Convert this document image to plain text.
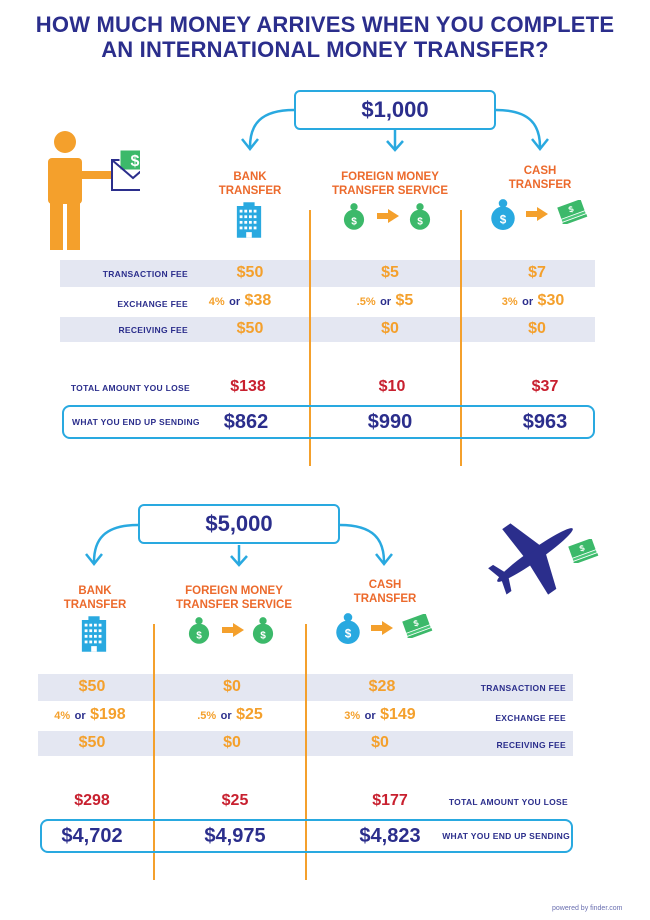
HOW MUCH MONEY ARRIVES WHEN YOU COMPLETE
AN INTERNATIONAL MONEY TRANSFER?
$
$1,000
BANK
TRANSFER
FOREIGN MONEY
TRANSFER SERVICE
CASH
TRANSFER
TRANSACTION FEE
EXCHANGE FEE
RECEIVING FEE
TOTAL AMOUNT YOU LOSE
WHAT YOU END UP SENDING
$50
4% or $38
$50
$138
$862
$5
.5% or $5
$0
$10
$990
$7
3% or $30
$0
$37
$963
$5,000
BANK
TRANSFER
FOREIGN MONEY
TRANSFER SERVICE
CASH
TRANSFER
TRANSACTION FEE
EXCHANGE FEE
RECEIVING FEE
TOTAL AMOUNT YOU LOSE
WHAT YOU END UP SENDING
$50
4% or $198
$50
$298
$4,702
$0
.5% or $25
$0
$25
$4,975
$28
3% or $149
$0
$177
$4,823
powered by finder.com
